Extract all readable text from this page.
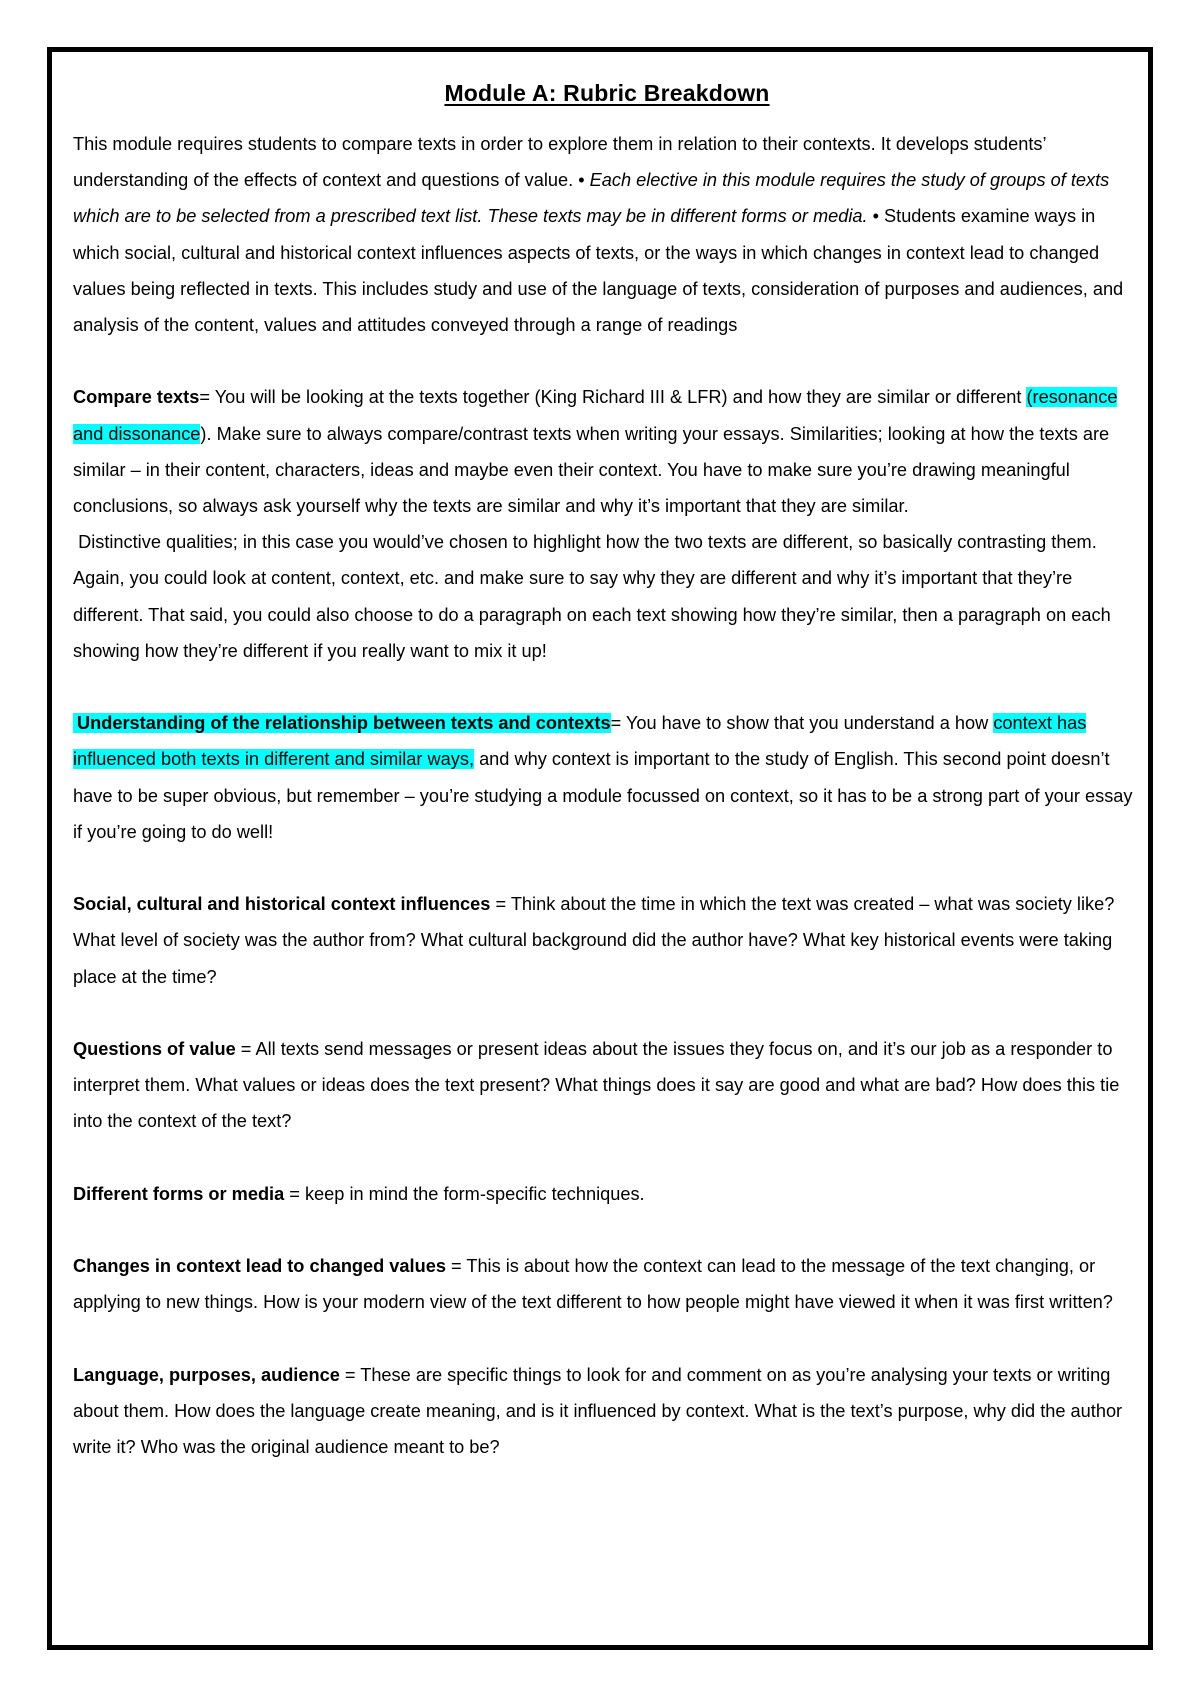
Module A: Rubric Breakdown

This module requires students to compare texts in order to explore them in relation to their contexts. It develops students’ understanding of the effects of context and questions of value. • Each elective in this module requires the study of groups of texts which are to be selected from a prescribed text list. These texts may be in different forms or media. • Students examine ways in which social, cultural and historical context influences aspects of texts, or the ways in which changes in context lead to changed values being reflected in texts. This includes study and use of the language of texts, consideration of purposes and audiences, and analysis of the content, values and attitudes conveyed through a range of readings

Compare texts= You will be looking at the texts together (King Richard III & LFR) and how they are similar or different (resonance and dissonance). Make sure to always compare/contrast texts when writing your essays. Similarities; looking at how the texts are similar – in their content, characters, ideas and maybe even their context. You have to make sure you’re drawing meaningful conclusions, so always ask yourself why the texts are similar and why it’s important that they are similar.

Distinctive qualities; in this case you would’ve chosen to highlight how the two texts are different, so basically contrasting them. Again, you could look at content, context, etc. and make sure to say why they are different and why it’s important that they’re different. That said, you could also choose to do a paragraph on each text showing how they’re similar, then a paragraph on each showing how they’re different if you really want to mix it up!

Understanding of the relationship between texts and contexts= You have to show that you understand a how context has influenced both texts in different and similar ways, and why context is important to the study of English. This second point doesn’t have to be super obvious, but remember – you’re studying a module focussed on context, so it has to be a strong part of your essay if you’re going to do well!

Social, cultural and historical context influences = Think about the time in which the text was created – what was society like? What level of society was the author from? What cultural background did the author have? What key historical events were taking place at the time?

Questions of value = All texts send messages or present ideas about the issues they focus on, and it’s our job as a responder to interpret them. What values or ideas does the text present? What things does it say are good and what are bad? How does this tie into the context of the text?

Different forms or media = keep in mind the form-specific techniques.

Changes in context lead to changed values = This is about how the context can lead to the message of the text changing, or applying to new things. How is your modern view of the text different to how people might have viewed it when it was first written?

Language, purposes, audience = These are specific things to look for and comment on as you’re analysing your texts or writing about them. How does the language create meaning, and is it influenced by context. What is the text’s purpose, why did the author write it? Who was the original audience meant to be?
